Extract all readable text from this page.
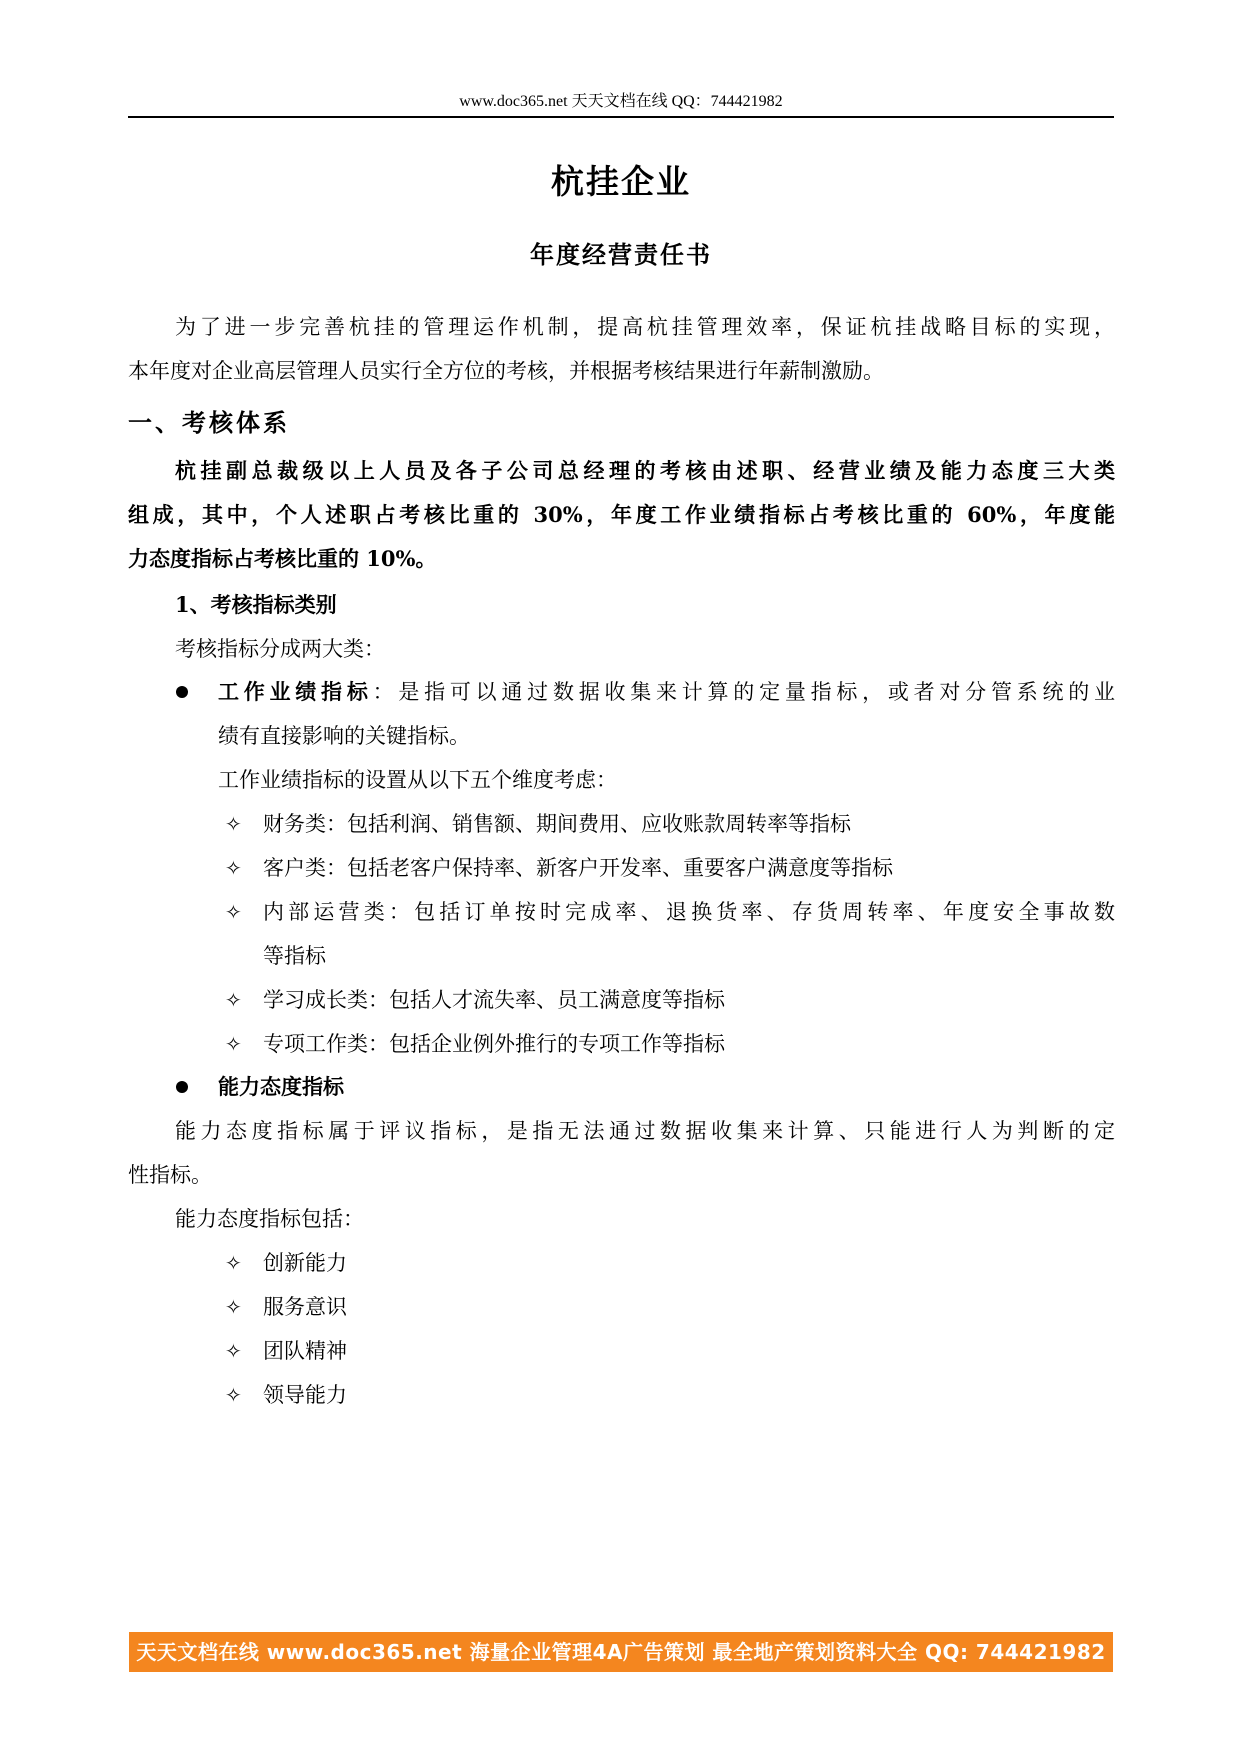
www.doc365.net 天天文档在线 QQ：744421982
杭挂企业
年度经营责任书
为了进一步完善杭挂的管理运作机制，提高杭挂管理效率，保证杭挂战略目标的实现，
本年度对企业高层管理人员实行全方位的考核，并根据考核结果进行年薪制激励。
一、考核体系
杭挂副总裁级以上人员及各子公司总经理的考核由述职、经营业绩及能力态度三大类
组成，其中，个人述职占考核比重的 30%，年度工作业绩指标占考核比重的 60%，年度能
力态度指标占考核比重的 10%。
1、考核指标类别
考核指标分成两大类：
工作业绩指标：是指可以通过数据收集来计算的定量指标，或者对分管系统的业
绩有直接影响的关键指标。
工作业绩指标的设置从以下五个维度考虑：
✧ 财务类：包括利润、销售额、期间费用、应收账款周转率等指标
✧ 客户类：包括老客户保持率、新客户开发率、重要客户满意度等指标
✧ 内部运营类：包括订单按时完成率、退换货率、存货周转率、年度安全事故数
等指标
✧ 学习成长类：包括人才流失率、员工满意度等指标
✧ 专项工作类：包括企业例外推行的专项工作等指标
能力态度指标
能力态度指标属于评议指标，是指无法通过数据收集来计算、只能进行人为判断的定
性指标。
能力态度指标包括：
✧ 创新能力
✧ 服务意识
✧ 团队精神
✧ 领导能力
天天文档在线 www.doc365.net 海量企业管理4A广告策划 最全地产策划资料大全 QQ: 744421982
